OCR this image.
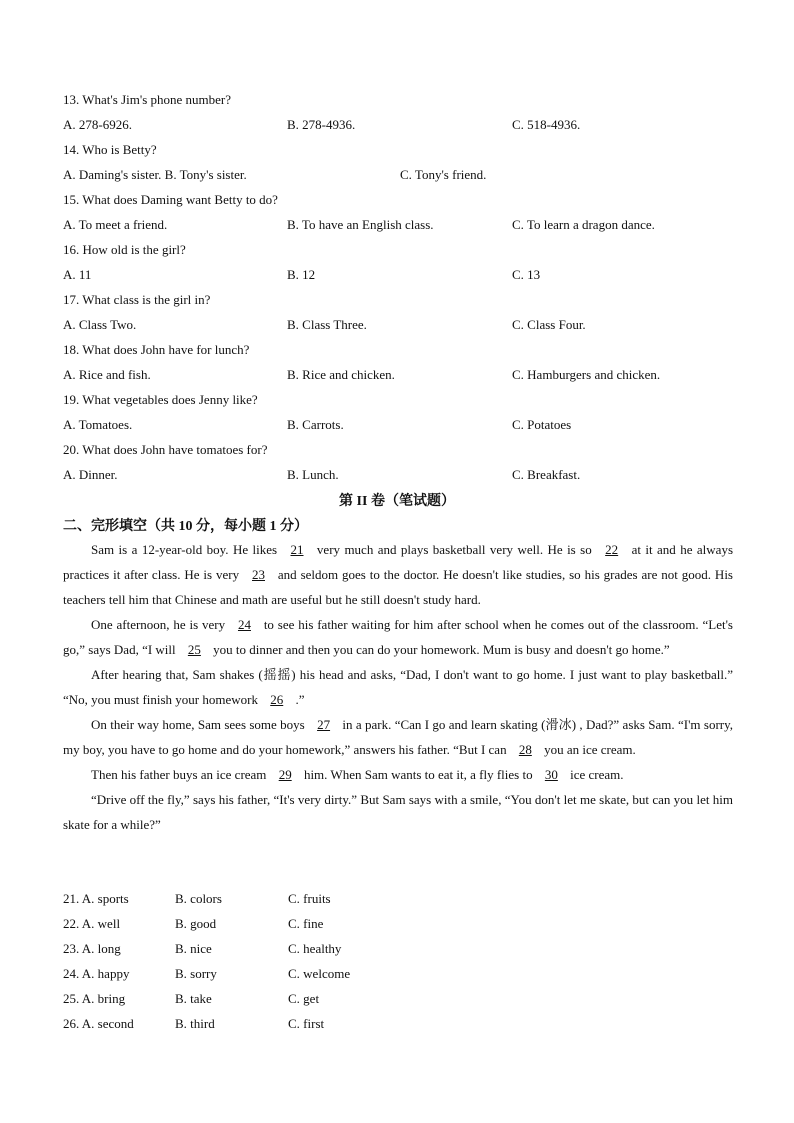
13. What's Jim's phone number?
A. 278-6926.	B. 278-4936.	C. 518-4936.
14. Who is Betty?
A. Daming's sister. B. Tony's sister.	C. Tony's friend.
15. What does Daming want Betty to do?
A. To meet a friend.	B. To have an English class.	C. To learn a dragon dance.
16. How old is the girl?
A. 11	B. 12	C. 13
17. What class is the girl in?
A. Class Two.	B. Class Three.	C. Class Four.
18. What does John have for lunch?
A. Rice and fish.	B. Rice and chicken.	C. Hamburgers and chicken.
19. What vegetables does Jenny like?
A. Tomatoes.	B. Carrots.	C. Potatoes
20. What does John have tomatoes for?
A. Dinner.	B. Lunch.	C. Breakfast.
第 II 卷（笔试题）
二、完形填空（共 10 分，每小题 1 分）

Sam is a 12-year-old boy. He likes 21 very much and plays basketball very well. He is so 22 at it and he always practices it after class. He is very 23 and seldom goes to the doctor. He doesn't like studies, so his grades are not good. His teachers tell him that Chinese and math are useful but he still doesn't study hard.

One afternoon, he is very 24 to see his father waiting for him after school when he comes out of the classroom. “Let's go,” says Dad, “I will 25 you to dinner and then you can do your homework. Mum is busy and doesn't go home.”

After hearing that, Sam shakes (摇摇) his head and asks, “Dad, I don't want to go home. I just want to play basketball.” “No, you must finish your homework 26 .”

On their way home, Sam sees some boys 27 in a park. “Can I go and learn skating (滑冰) , Dad?” asks Sam. “I'm sorry, my boy, you have to go home and do your homework,” answers his father. “But I can 28 you an ice cream.

Then his father buys an ice cream 29 him. When Sam wants to eat it, a fly flies to 30 ice cream.

“Drive off the fly,” says his father, “It's very dirty.” But Sam says with a smile, “You don't let me skate, but can you let him skate for a while?”

21. A. sports	B. colors	C. fruits
22. A. well	B. good	C. fine
23. A. long	B. nice	C. healthy
24. A. happy	B. sorry	C. welcome
25. A. bring	B. take	C. get
26. A. second	B. third	C. first
